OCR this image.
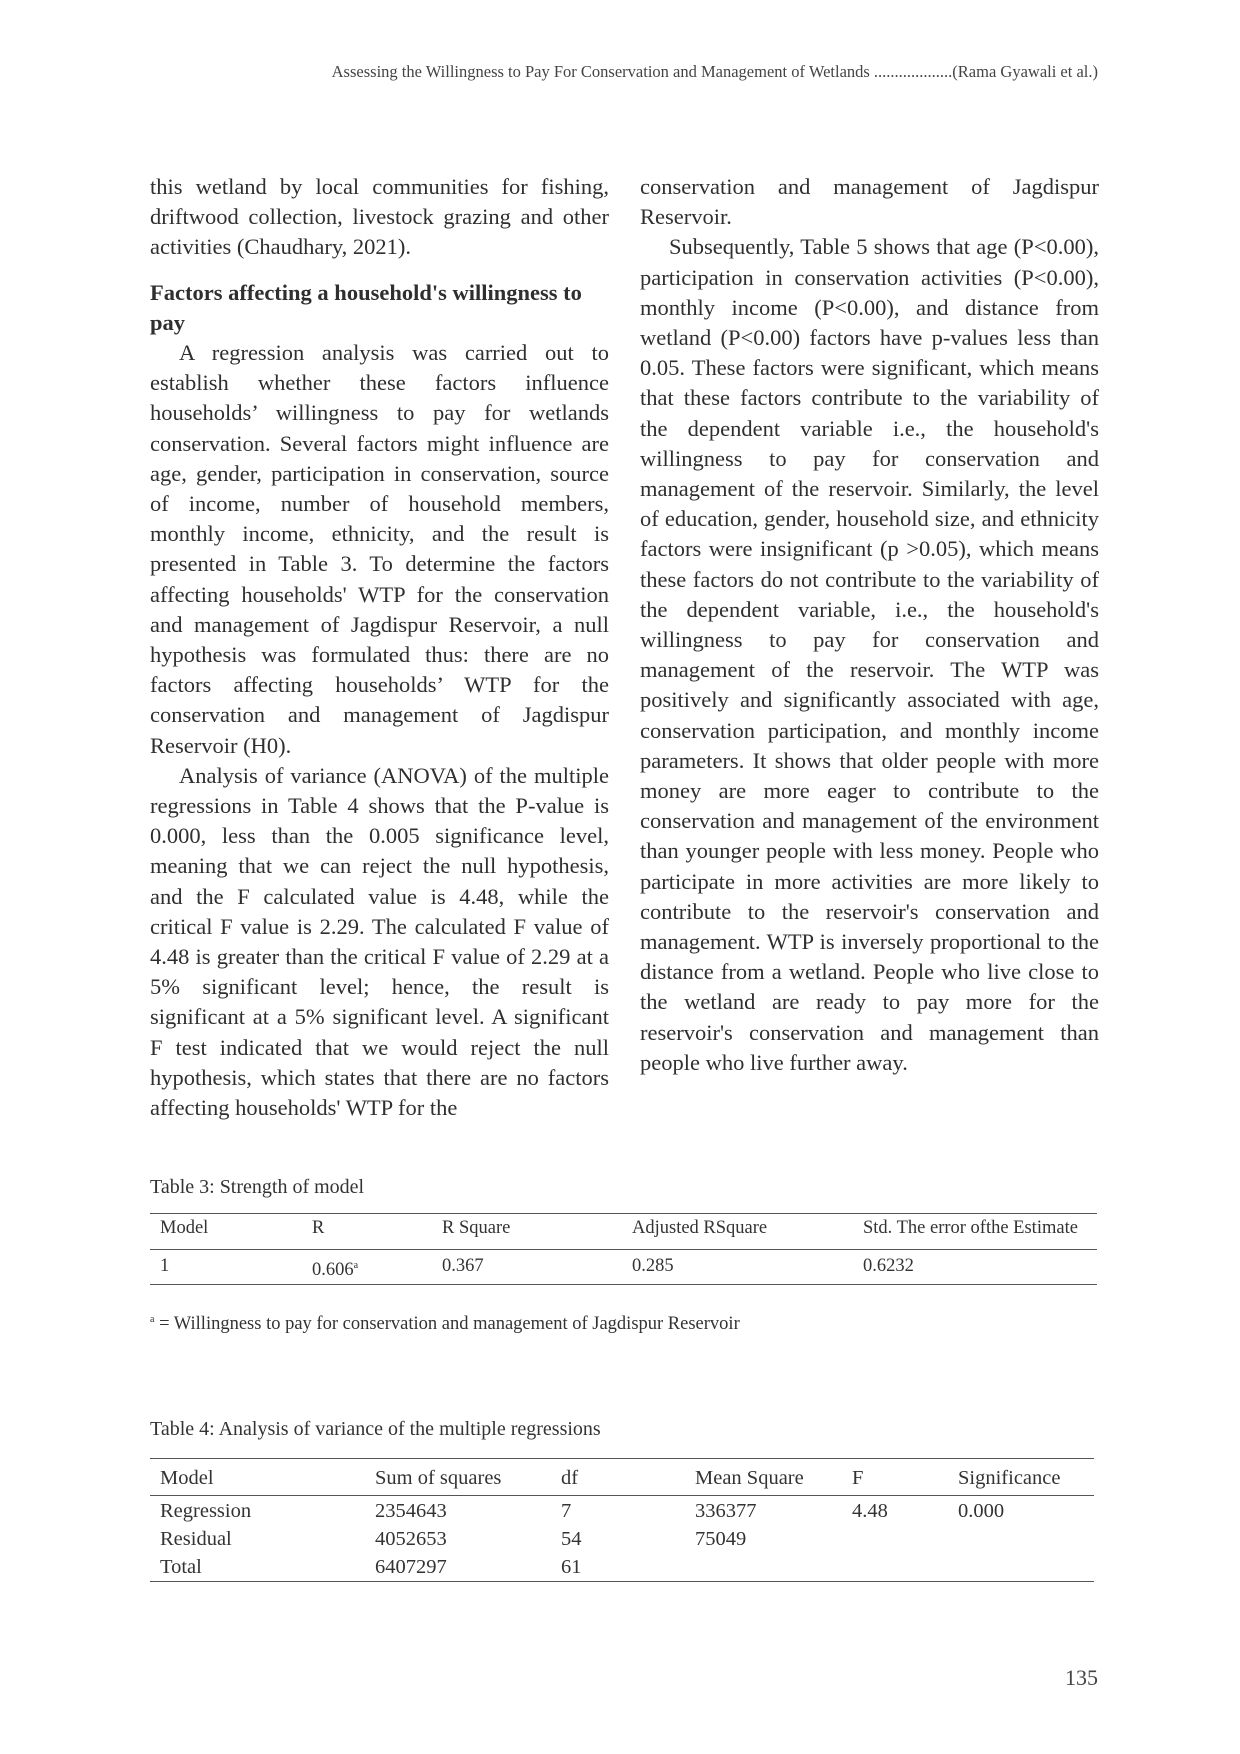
Assessing the Willingness to Pay For Conservation and Management of Wetlands ...................(Rama Gyawali et al.)

this wetland by local communities for fishing, driftwood collection, livestock grazing and other activities (Chaudhary, 2021).

Factors affecting a household's willingness to pay

A regression analysis was carried out to establish whether these factors influence households’ willingness to pay for wetlands conservation. Several factors might influence are age, gender, participation in conservation, source of income, number of household members, monthly income, ethnicity, and the result is presented in Table 3. To determine the factors affecting households' WTP for the conservation and management of Jagdispur Reservoir, a null hypothesis was formulated thus: there are no factors affecting households’ WTP for the conservation and management of Jagdispur Reservoir (H0).

Analysis of variance (ANOVA) of the multiple regressions in Table 4 shows that the P-value is 0.000, less than the 0.005 significance level, meaning that we can reject the null hypothesis, and the F calculated value is 4.48, while the critical F value is 2.29. The calculated F value of 4.48 is greater than the critical F value of 2.29 at a 5% significant level; hence, the result is significant at a 5% significant level. A significant F test indicated that we would reject the null hypothesis, which states that there are no factors affecting households' WTP for the

conservation and management of Jagdispur Reservoir.

Subsequently, Table 5 shows that age (P<0.00), participation in conservation activities (P<0.00), monthly income (P<0.00), and distance from wetland (P<0.00) factors have p-values less than 0.05. These factors were significant, which means that these factors contribute to the variability of the dependent variable i.e., the household's willingness to pay for conservation and management of the reservoir. Similarly, the level of education, gender, household size, and ethnicity factors were insignificant (p >0.05), which means these factors do not contribute to the variability of the dependent variable, i.e., the household's willingness to pay for conservation and management of the reservoir. The WTP was positively and significantly associated with age, conservation participation, and monthly income parameters. It shows that older people with more money are more eager to contribute to the conservation and management of the environment than younger people with less money. People who participate in more activities are more likely to contribute to the reservoir's conservation and management. WTP is inversely proportional to the distance from a wetland. People who live close to the wetland are ready to pay more for the reservoir's conservation and management than people who live further away.

Table 3: Strength of model
Model	R	R Square	Adjusted RSquare	Std. The error ofthe Estimate
1	0.606$^a$	0.367	0.285	0.6232
$^a$ = Willingness to pay for conservation and management of Jagdispur Reservoir
Table 4: Analysis of variance of the multiple regressions
Model	Sum of squares	df	Mean Square	F	Significance
Regression	2354643	7	336377	4.48	0.000
Residual	4052653	54	75049		
Total	6407297	61			
135
